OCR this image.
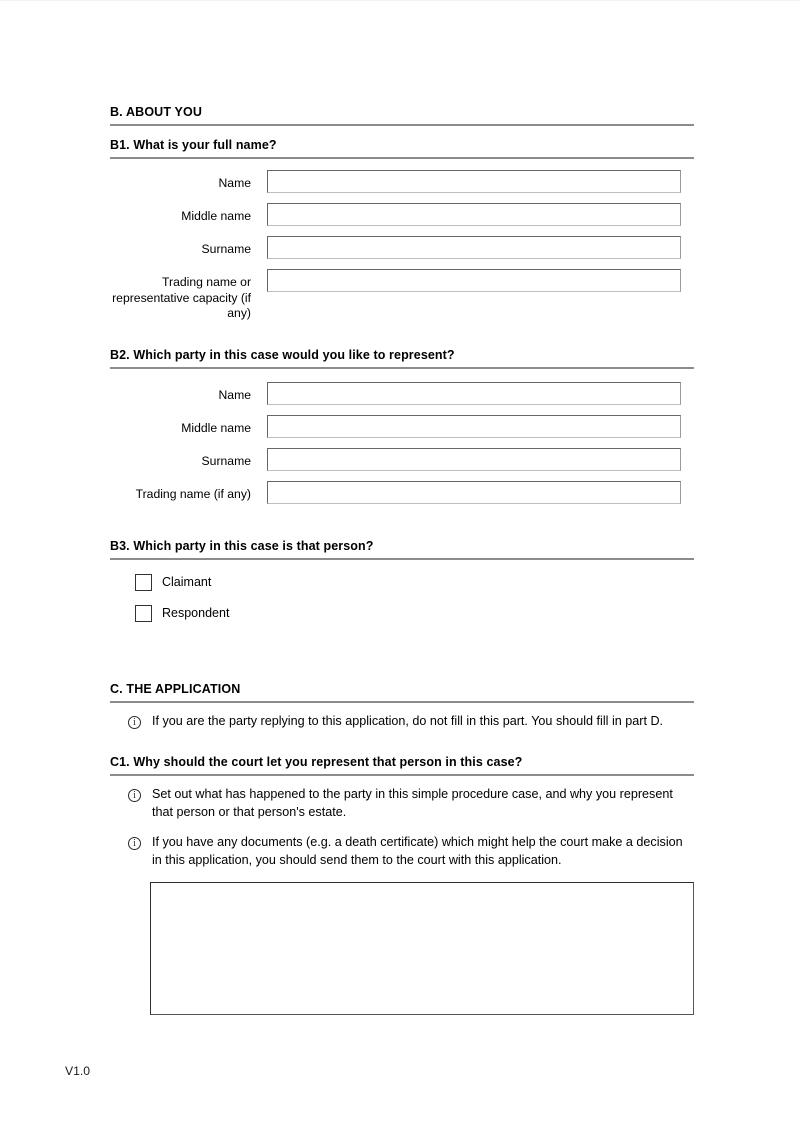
B. ABOUT YOU
B1. What is your full name?
Name
Middle name
Surname
Trading name or representative capacity (if any)
B2. Which party in this case would you like to represent?
Name
Middle name
Surname
Trading name (if any)
B3. Which party in this case is that person?
Claimant
Respondent
C. THE APPLICATION
i	If you are the party replying to this application, do not fill in this part. You should fill in part D.
C1. Why should the court let you represent that person in this case?
i	Set out what has happened to the party in this simple procedure case, and why you represent that person or that person's estate.
i	If you have any documents (e.g. a death certificate) which might help the court make a decision in this application, you should send them to the court with this application.
V1.0
